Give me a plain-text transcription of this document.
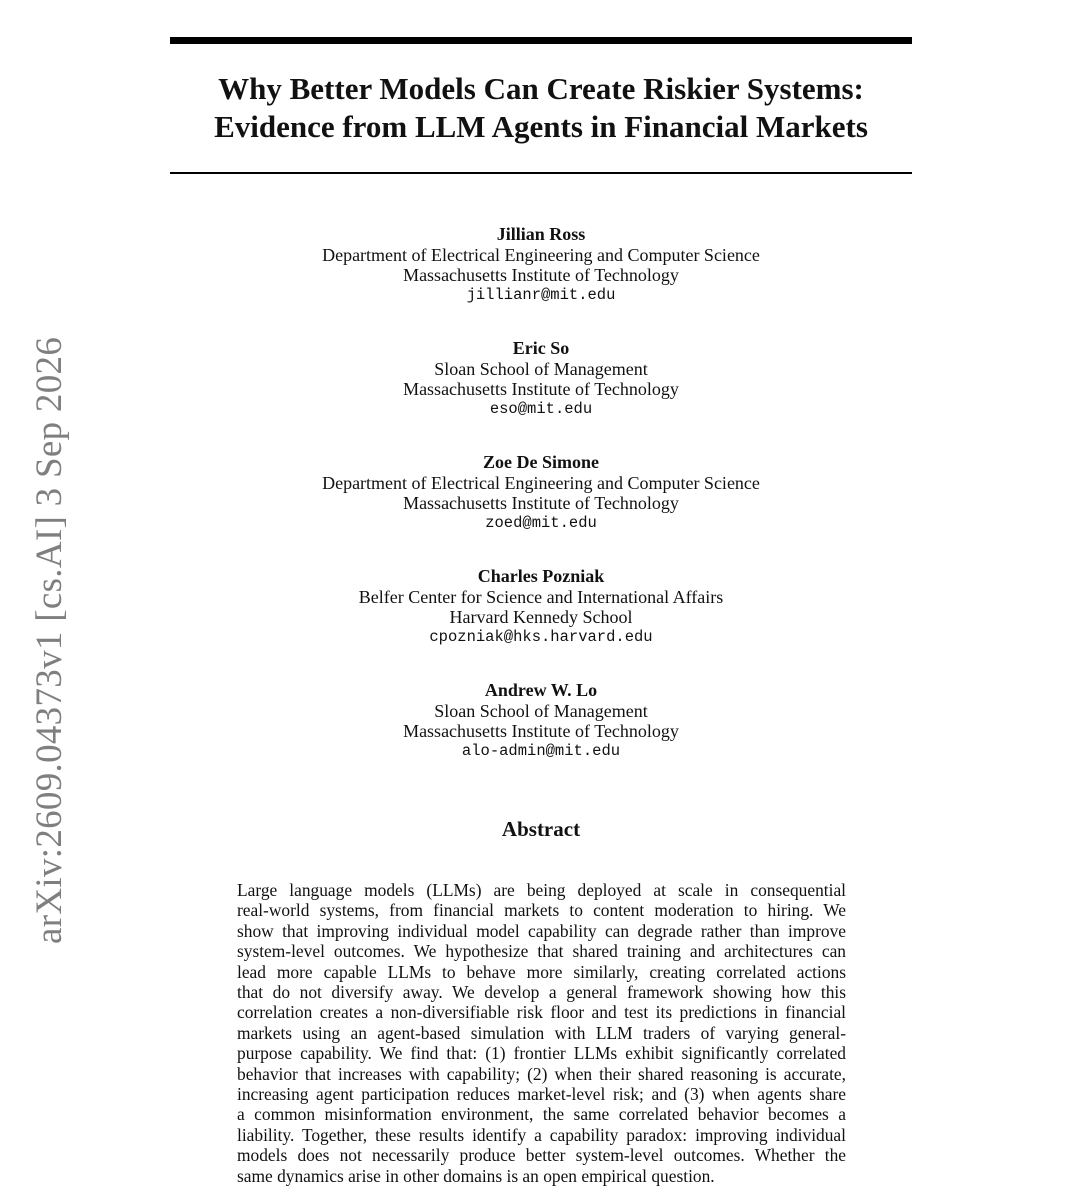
Why Better Models Can Create Riskier Systems:
Evidence from LLM Agents in Financial Markets
arXiv:2609.04373v1 [cs.AI] 3 Sep 2026
Jillian Ross
Department of Electrical Engineering and Computer Science
Massachusetts Institute of Technology
jillianr@mit.edu
Eric So
Sloan School of Management
Massachusetts Institute of Technology
eso@mit.edu
Zoe De Simone
Department of Electrical Engineering and Computer Science
Massachusetts Institute of Technology
zoed@mit.edu
Charles Pozniak
Belfer Center for Science and International Affairs
Harvard Kennedy School
cpozniak@hks.harvard.edu
Andrew W. Lo
Sloan School of Management
Massachusetts Institute of Technology
alo-admin@mit.edu
Abstract
Large language models (LLMs) are being deployed at scale in consequential
real-world systems, from financial markets to content moderation to hiring. We
show that improving individual model capability can degrade rather than improve
system-level outcomes. We hypothesize that shared training and architectures can
lead more capable LLMs to behave more similarly, creating correlated actions
that do not diversify away. We develop a general framework showing how this
correlation creates a non-diversifiable risk floor and test its predictions in financial
markets using an agent-based simulation with LLM traders of varying general-
purpose capability. We find that: (1) frontier LLMs exhibit significantly correlated
behavior that increases with capability; (2) when their shared reasoning is accurate,
increasing agent participation reduces market-level risk; and (3) when agents share
a common misinformation environment, the same correlated behavior becomes a
liability. Together, these results identify a capability paradox: improving individual
models does not necessarily produce better system-level outcomes. Whether the
same dynamics arise in other domains is an open empirical question.
